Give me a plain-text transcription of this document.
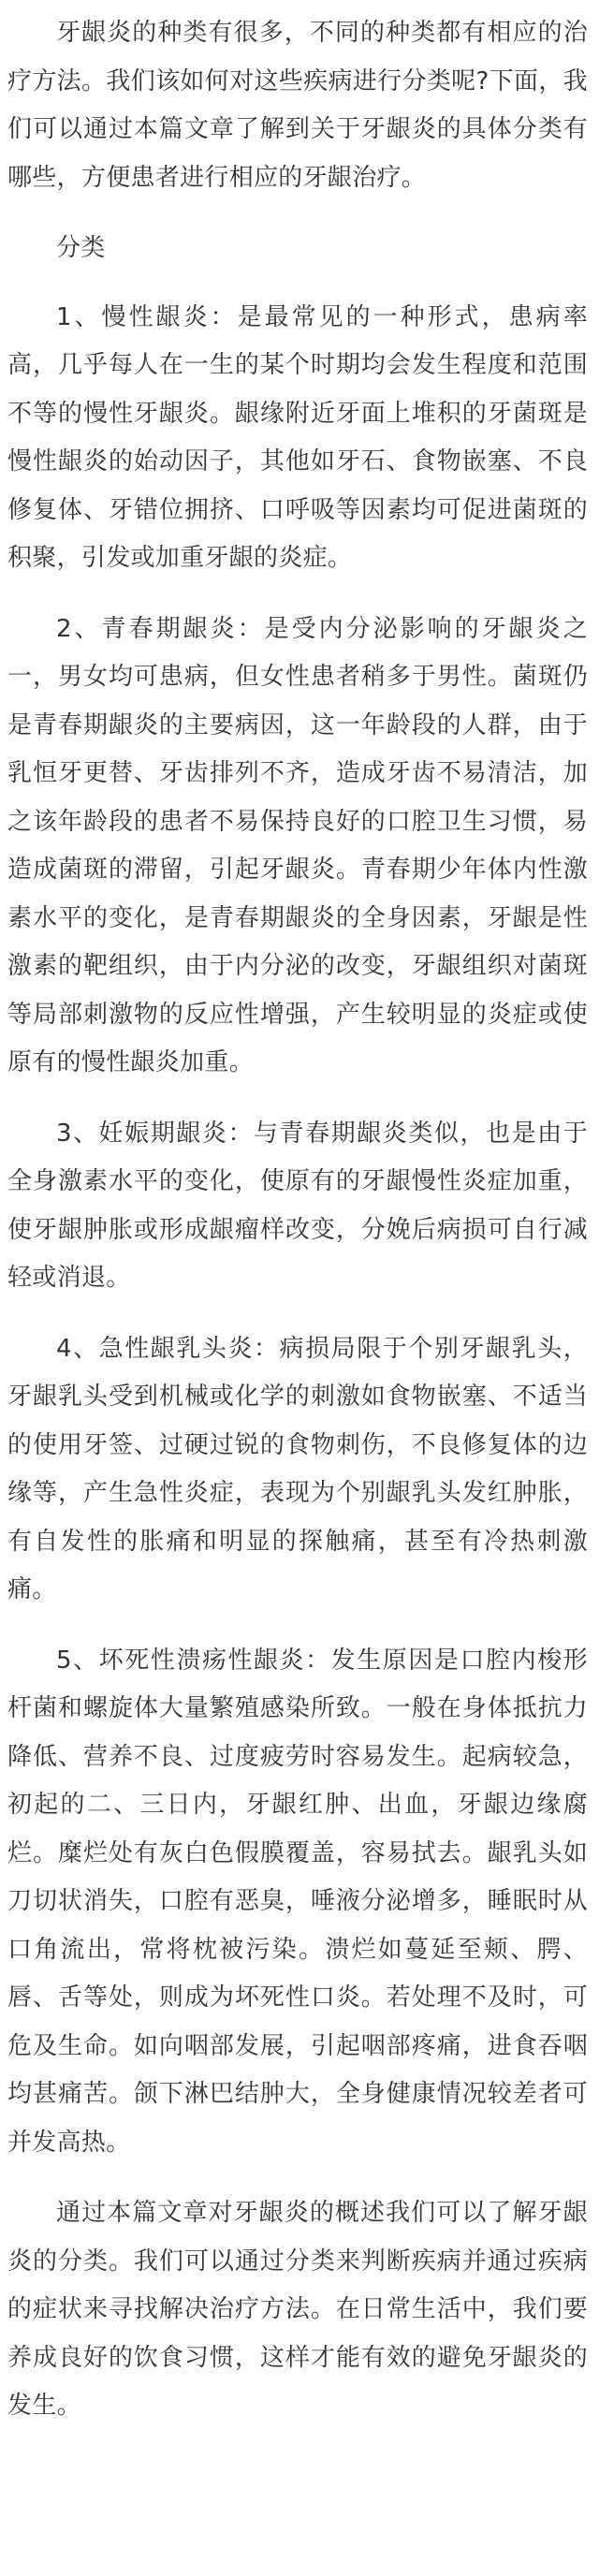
牙龈炎的种类有很多，不同的种类都有相应的治疗方法。我们该如何对这些疾病进行分类呢?下面，我们可以通过本篇文章了解到关于牙龈炎的具体分类有哪些，方便患者进行相应的牙龈治疗。

分类

1、慢性龈炎：是最常见的一种形式，患病率高，几乎每人在一生的某个时期均会发生程度和范围不等的慢性牙龈炎。龈缘附近牙面上堆积的牙菌斑是慢性龈炎的始动因子，其他如牙石、食物嵌塞、不良修复体、牙错位拥挤、口呼吸等因素均可促进菌斑的积聚，引发或加重牙龈的炎症。

2、青春期龈炎：是受内分泌影响的牙龈炎之一，男女均可患病，但女性患者稍多于男性。菌斑仍是青春期龈炎的主要病因，这一年龄段的人群，由于乳恒牙更替、牙齿排列不齐，造成牙齿不易清洁，加之该年龄段的患者不易保持良好的口腔卫生习惯，易造成菌斑的滞留，引起牙龈炎。青春期少年体内性激素水平的变化，是青春期龈炎的全身因素，牙龈是性激素的靶组织，由于内分泌的改变，牙龈组织对菌斑等局部刺激物的反应性增强，产生较明显的炎症或使原有的慢性龈炎加重。

3、妊娠期龈炎：与青春期龈炎类似，也是由于全身激素水平的变化，使原有的牙龈慢性炎症加重，使牙龈肿胀或形成龈瘤样改变，分娩后病损可自行减轻或消退。

4、急性龈乳头炎：病损局限于个别牙龈乳头，牙龈乳头受到机械或化学的刺激如食物嵌塞、不适当的使用牙签、过硬过锐的食物刺伤，不良修复体的边缘等，产生急性炎症，表现为个别龈乳头发红肿胀，有自发性的胀痛和明显的探触痛，甚至有冷热刺激痛。

5、坏死性溃疡性龈炎：发生原因是口腔内梭形杆菌和螺旋体大量繁殖感染所致。一般在身体抵抗力降低、营养不良、过度疲劳时容易发生。起病较急，初起的二、三日内，牙龈红肿、出血，牙龈边缘腐烂。糜烂处有灰白色假膜覆盖，容易拭去。龈乳头如刀切状消失，口腔有恶臭，唾液分泌增多，睡眠时从口角流出，常将枕被污染。溃烂如蔓延至颊、腭、唇、舌等处，则成为坏死性口炎。若处理不及时，可危及生命。如向咽部发展，引起咽部疼痛，进食吞咽均甚痛苦。颌下淋巴结肿大，全身健康情况较差者可并发高热。

通过本篇文章对牙龈炎的概述我们可以了解牙龈炎的分类。我们可以通过分类来判断疾病并通过疾病的症状来寻找解决治疗方法。在日常生活中，我们要养成良好的饮食习惯，这样才能有效的避免牙龈炎的发生。
